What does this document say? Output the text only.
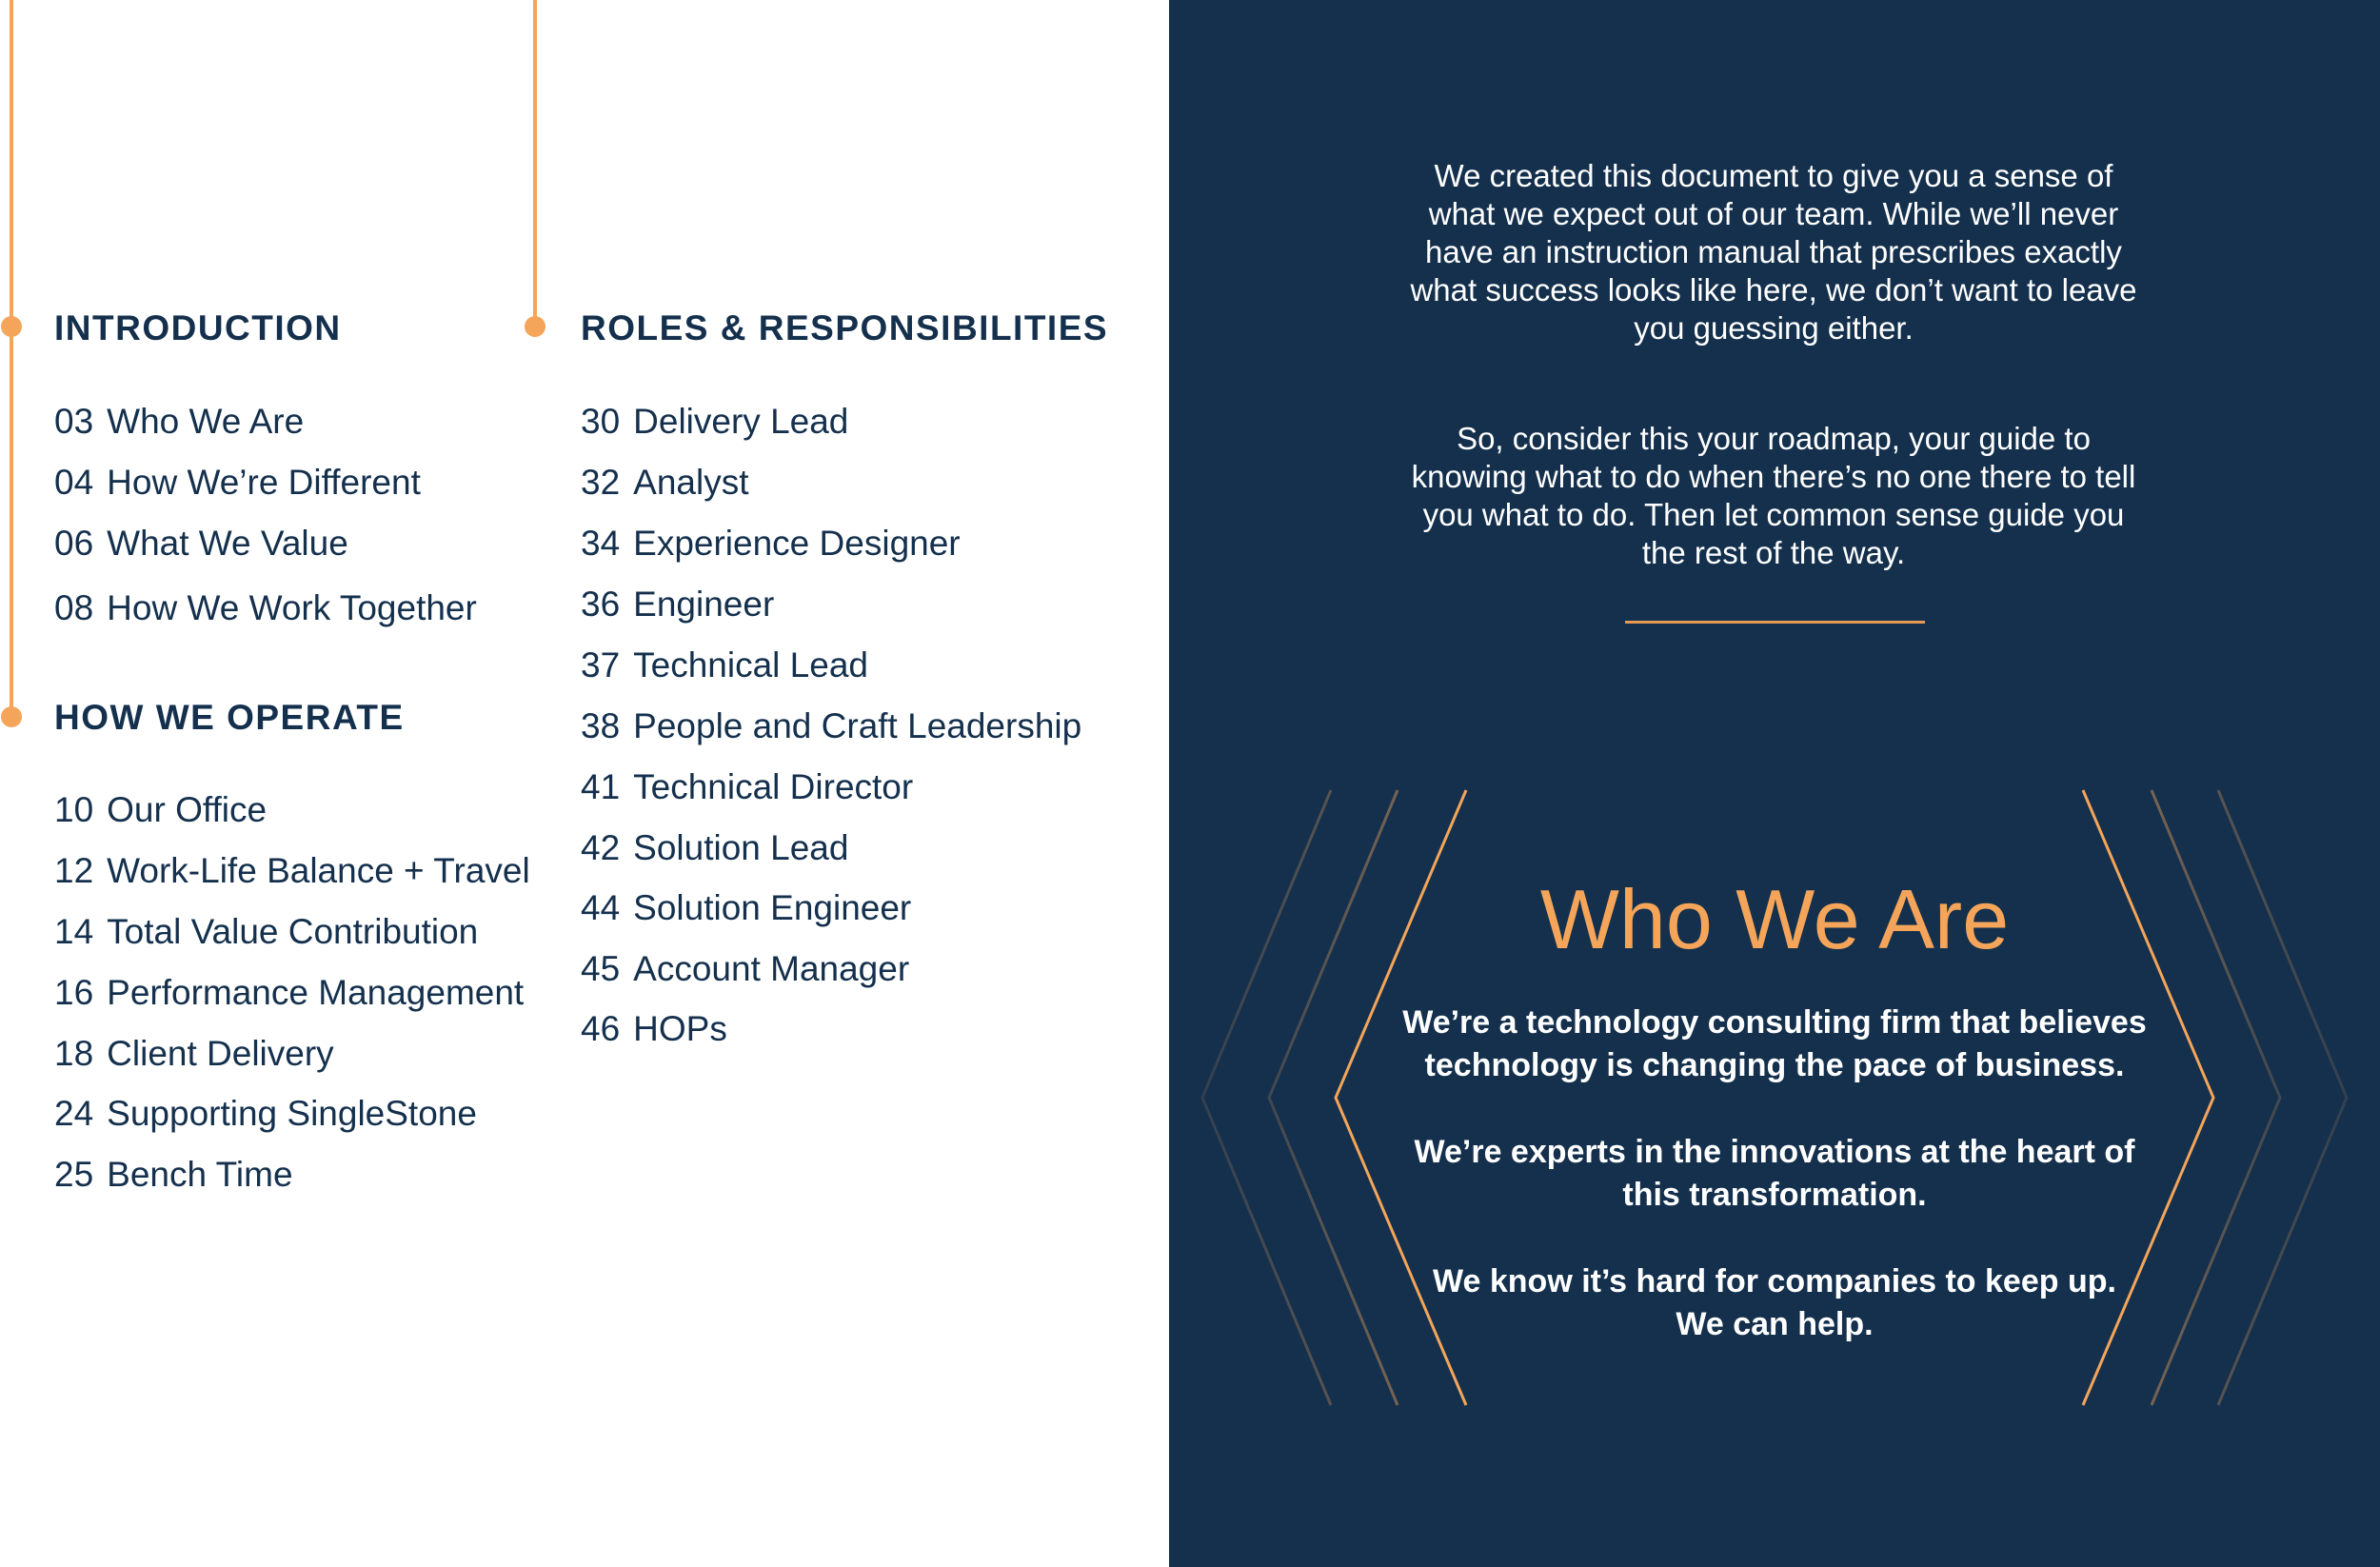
INTRODUCTION
03 Who We Are
04 How We’re Different
06 What We Value
08 How We Work Together
HOW WE OPERATE
10 Our Office
12 Work-Life Balance + Travel
14 Total Value Contribution
16 Performance Management
18 Client Delivery
24 Supporting SingleStone
25 Bench Time
ROLES & RESPONSIBILITIES
30 Delivery Lead
32 Analyst
34 Experience Designer
36 Engineer
37 Technical Lead
38 People and Craft Leadership
41 Technical Director
42 Solution Lead
44 Solution Engineer
45 Account Manager
46 HOPs

We created this document to give you a sense of what we expect out of our team. While we’ll never have an instruction manual that prescribes exactly what success looks like here, we don’t want to leave you guessing either.

So, consider this your roadmap, your guide to knowing what to do when there’s no one there to tell you what to do. Then let common sense guide you the rest of the way.

Who We Are

We’re a technology consulting firm that believes technology is changing the pace of business.

We’re experts in the innovations at the heart of this transformation.

We know it’s hard for companies to keep up. We can help.
